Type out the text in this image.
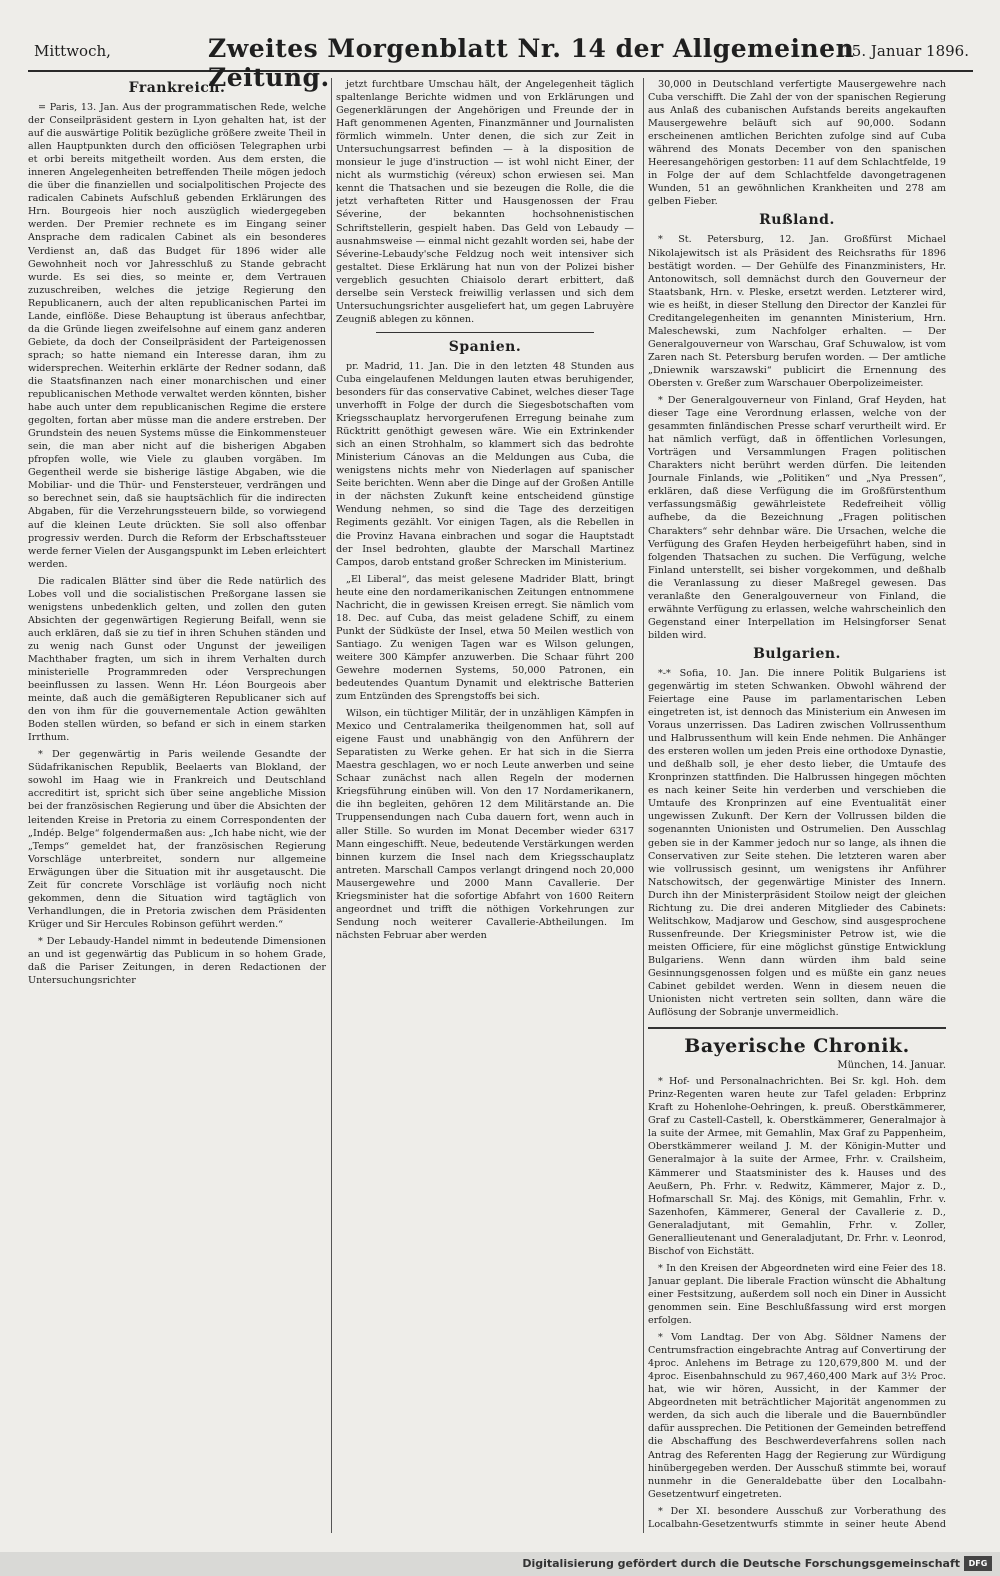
Mittwoch,	Zweites Morgenblatt Nr. 14 der Allgemeinen Zeitung.
15. Januar 1896.
Frankreich.

= Paris, 13. Jan. Aus der programmatischen Rede, welche der Conseilpräsident gestern in Lyon gehalten hat, ist der auf die auswärtige Politik bezügliche größere zweite Theil in allen Hauptpunkten durch den officiösen Telegraphen urbi et orbi bereits mitgetheilt worden. Aus dem ersten, die inneren Angelegenheiten betreffenden Theile mögen jedoch die über die finanziellen und socialpolitischen Projecte des radicalen Cabinets Aufschluß gebenden Erklärungen des Hrn. Bourgeois hier noch auszüglich wiedergegeben werden. Der Premier rechnete es im Eingang seiner Ansprache dem radicalen Cabinet als ein besonderes Verdienst an, daß das Budget für 1896 wider alle Gewohnheit noch vor Jahresschluß zu Stande gebracht wurde. Es sei dies, so meinte er, dem Vertrauen zuzuschreiben, welches die jetzige Regierung den Republicanern, auch der alten republicanischen Partei im Lande, einflöße. Diese Behauptung ist überaus anfechtbar, da die Gründe liegen zweifelsohne auf einem ganz anderen Gebiete, da doch der Conseilpräsident der Parteigenossen sprach; so hatte niemand ein Interesse daran, ihm zu widersprechen. Weiterhin erklärte der Redner sodann, daß die Staatsfinanzen nach einer monarchischen und einer republicanischen Methode verwaltet werden könnten, bisher habe auch unter dem republicanischen Regime die erstere gegolten, fortan aber müsse man die andere erstreben. Der Grundstein des neuen Systems müsse die Einkommensteuer sein, die man aber nicht auf die bisherigen Abgaben pfropfen wolle, wie Viele zu glauben vorgäben. Im Gegentheil werde sie bisherige lästige Abgaben, wie die Mobiliar- und die Thür- und Fenstersteuer, verdrängen und so berechnet sein, daß sie hauptsächlich für die indirecten Abgaben, für die Verzehrungssteuern bilde, so vorwiegend auf die kleinen Leute drückten. Sie soll also offenbar progressiv werden. Durch die Reform der Erbschaftssteuer werde ferner Vielen der Ausgangspunkt im Leben erleichtert werden.

Die radicalen Blätter sind über die Rede natürlich des Lobes voll und die socialistischen Preßorgane lassen sie wenigstens unbedenklich gelten, und zollen den guten Absichten der gegenwärtigen Regierung Beifall, wenn sie auch erklären, daß sie zu tief in ihren Schuhen ständen und zu wenig nach Gunst oder Ungunst der jeweiligen Machthaber fragten, um sich in ihrem Verhalten durch ministerielle Programmreden oder Versprechungen beeinflussen zu lassen. Wenn Hr. Léon Bourgeois aber meinte, daß auch die gemäßigteren Republicaner sich auf den von ihm für die gouvernementale Action gewählten Boden stellen würden, so befand er sich in einem starken Irrthum.

* Der gegenwärtig in Paris weilende Gesandte der Südafrikanischen Republik, Beelaerts van Blokland, der sowohl im Haag wie in Frankreich und Deutschland accreditirt ist, spricht sich über seine angebliche Mission bei der französischen Regierung und über die Absichten der leitenden Kreise in Pretoria zu einem Correspondenten der „Indép. Belge“ folgendermaßen aus: „Ich habe nicht, wie der „Temps“ gemeldet hat, der französischen Regierung Vorschläge unterbreitet, sondern nur allgemeine Erwägungen über die Situation mit ihr ausgetauscht. Die Zeit für concrete Vorschläge ist vorläufig noch nicht gekommen, denn die Situation wird tagtäglich von Verhandlungen, die in Pretoria zwischen dem Präsidenten Krüger und Sir Hercules Robinson geführt werden.“

* Der Lebaudy-Handel nimmt in bedeutende Dimensionen an und ist gegenwärtig das Publicum in so hohem Grade, daß die Pariser Zeitungen, in deren Redactionen der Untersuchungsrichter

jetzt furchtbare Umschau hält, der Angelegenheit täglich spaltenlange Berichte widmen und von Erklärungen und Gegenerklärungen der Angehörigen und Freunde der in Haft genommenen Agenten, Finanzmänner und Journalisten förmlich wimmeln. Unter denen, die sich zur Zeit in Untersuchungsarrest befinden — à la disposition de monsieur le juge d'instruction — ist wohl nicht Einer, der nicht als wurmstichig (véreux) schon erwiesen sei. Man kennt die Thatsachen und sie bezeugen die Rolle, die die jetzt verhafteten Ritter und Hausgenossen der Frau Séverine, der bekannten hochsohnenistischen Schriftstellerin, gespielt haben. Das Geld von Lebaudy — ausnahmsweise — einmal nicht gezahlt worden sei, habe der Séverine-Lebaudy'sche Feldzug noch weit intensiver sich gestaltet. Diese Erklärung hat nun von der Polizei bisher vergeblich gesuchten Chiaisolo derart erbittert, daß derselbe sein Versteck freiwillig verlassen und sich dem Untersuchungsrichter ausgeliefert hat, um gegen Labruyère Zeugniß ablegen zu können.

Spanien.

pr. Madrid, 11. Jan. Die in den letzten 48 Stunden aus Cuba eingelaufenen Meldungen lauten etwas beruhigender, besonders für das conservative Cabinet, welches dieser Tage unverhofft in Folge der durch die Siegesbotschaften vom Kriegsschauplatz hervorgerufenen Erregung beinahe zum Rücktritt genöthigt gewesen wäre. Wie ein Extrinkender sich an einen Strohhalm, so klammert sich das bedrohte Ministerium Cánovas an die Meldungen aus Cuba, die wenigstens nichts mehr von Niederlagen auf spanischer Seite berichten. Wenn aber die Dinge auf der Großen Antille in der nächsten Zukunft keine entscheidend günstige Wendung nehmen, so sind die Tage des derzeitigen Regiments gezählt. Vor einigen Tagen, als die Rebellen in die Provinz Havana einbrachen und sogar die Hauptstadt der Insel bedrohten, glaubte der Marschall Martinez Campos, darob entstand großer Schrecken im Ministerium.

„El Liberal“, das meist gelesene Madrider Blatt, bringt heute eine den nordamerikanischen Zeitungen entnommene Nachricht, die in gewissen Kreisen erregt. Sie nämlich vom 18. Dec. auf Cuba, das meist geladene Schiff, zu einem Punkt der Südküste der Insel, etwa 50 Meilen westlich von Santiago. Zu wenigen Tagen war es Wilson gelungen, weitere 300 Kämpfer anzuwerben. Die Schaar führt 200 Gewehre modernen Systems, 50,000 Patronen, ein bedeutendes Quantum Dynamit und elektrische Batterien zum Entzünden des Sprengstoffs bei sich.

Wilson, ein tüchtiger Militär, der in unzähligen Kämpfen in Mexico und Centralamerika theilgenommen hat, soll auf eigene Faust und unabhängig von den Anführern der Separatisten zu Werke gehen. Er hat sich in die Sierra Maestra geschlagen, wo er noch Leute anwerben und seine Schaar zunächst nach allen Regeln der modernen Kriegsführung einüben will. Von den 17 Nordamerikanern, die ihn begleiten, gehören 12 dem Militärstande an. Die Truppensendungen nach Cuba dauern fort, wenn auch in aller Stille. So wurden im Monat December wieder 6317 Mann eingeschifft. Neue, bedeutende Verstärkungen werden binnen kurzem die Insel nach dem Kriegsschauplatz antreten. Marschall Campos verlangt dringend noch 20,000 Mausergewehre und 2000 Mann Cavallerie. Der Kriegsminister hat die sofortige Abfahrt von 1600 Reitern angeordnet und trifft die nöthigen Vorkehrungen zur Sendung noch weiterer Cavallerie-Abtheilungen. Im nächsten Februar aber werden

30,000 in Deutschland verfertigte Mausergewehre nach Cuba verschifft. Die Zahl der von der spanischen Regierung aus Anlaß des cubanischen Aufstands bereits angekauften Mausergewehre beläuft sich auf 90,000. Sodann erscheinenen amtlichen Berichten zufolge sind auf Cuba während des Monats December von den spanischen Heeresangehörigen gestorben: 11 auf dem Schlachtfelde, 19 in Folge der auf dem Schlachtfelde davongetragenen Wunden, 51 an gewöhnlichen Krankheiten und 278 am gelben Fieber.

Rußland.

* St. Petersburg, 12. Jan. Großfürst Michael Nikolajewitsch ist als Präsident des Reichsraths für 1896 bestätigt worden. — Der Gehülfe des Finanzministers, Hr. Antonowitsch, soll demnächst durch den Gouverneur der Staatsbank, Hrn. v. Pleske, ersetzt werden. Letzterer wird, wie es heißt, in dieser Stellung den Director der Kanzlei für Creditangelegenheiten im genannten Ministerium, Hrn. Maleschewski, zum Nachfolger erhalten. — Der Generalgouverneur von Warschau, Graf Schuwalow, ist vom Zaren nach St. Petersburg berufen worden. — Der amtliche „Dniewnik warszawski“ publicirt die Ernennung des Obersten v. Greßer zum Warschauer Oberpolizeimeister.

* Der Generalgouverneur von Finland, Graf Heyden, hat dieser Tage eine Verordnung erlassen, welche von der gesammten finländischen Presse scharf verurtheilt wird. Er hat nämlich verfügt, daß in öffentlichen Vorlesungen, Vorträgen und Versammlungen Fragen politischen Charakters nicht berührt werden dürfen. Die leitenden Journale Finlands, wie „Politiken“ und „Nya Pressen“, erklären, daß diese Verfügung die im Großfürstenthum verfassungsmäßig gewährleistete Redefreiheit völlig aufhebe, da die Bezeichnung „Fragen politischen Charakters“ sehr dehnbar wäre. Die Ursachen, welche die Verfügung des Grafen Heyden herbeigeführt haben, sind in folgenden Thatsachen zu suchen. Die Verfügung, welche Finland unterstellt, sei bisher vorgekommen, und deßhalb die Veranlassung zu dieser Maßregel gewesen. Das veranlaßte den Generalgouverneur von Finland, die erwähnte Verfügung zu erlassen, welche wahrscheinlich den Gegenstand einer Interpellation im Helsingforser Senat bilden wird.

Bulgarien.

*-* Sofia, 10. Jan. Die innere Politik Bulgariens ist gegenwärtig im steten Schwanken. Obwohl während der Feiertage eine Pause im parlamentarischen Leben eingetreten ist, ist dennoch das Ministerium ein Anwesen im Voraus unzerrissen. Das Ladiren zwischen Vollrussenthum und Halbrussenthum will kein Ende nehmen. Die Anhänger des ersteren wollen um jeden Preis eine orthodoxe Dynastie, und deßhalb soll, je eher desto lieber, die Umtaufe des Kronprinzen stattfinden. Die Halbrussen hingegen möchten es nach keiner Seite hin verderben und verschieben die Umtaufe des Kronprinzen auf eine Eventualität einer ungewissen Zukunft. Der Kern der Vollrussen bilden die sogenannten Unionisten und Ostrumelien. Den Ausschlag geben sie in der Kammer jedoch nur so lange, als ihnen die Conservativen zur Seite stehen. Die letzteren waren aber wie vollrussisch gesinnt, um wenigstens ihr Anführer Natschowitsch, der gegenwärtige Minister des Innern. Durch ihn der Ministerpräsident Stoilow neigt der gleichen Richtung zu. Die drei anderen Mitglieder des Cabinets: Welitschkow, Madjarow und Geschow, sind ausgesprochene Russenfreunde. Der Kriegsminister Petrow ist, wie die meisten Officiere, für eine möglichst günstige Entwicklung Bulgariens. Wenn dann würden ihm bald seine Gesinnungsgenossen folgen und es müßte ein ganz neues Cabinet gebildet werden. Wenn in diesem neuen die Unionisten nicht vertreten sein sollten, dann wäre die Auflösung der Sobranje unvermeidlich.

Bayerische Chronik.
München, 14. Januar.

* Hof- und Personalnachrichten. Bei Sr. kgl. Hoh. dem Prinz-Regenten waren heute zur Tafel geladen: Erbprinz Kraft zu Hohenlohe-Oehringen, k. preuß. Oberstkämmerer, Graf zu Castell-Castell, k. Oberstkämmerer, Generalmajor à la suite der Armee, mit Gemahlin, Max Graf zu Pappenheim, Oberstkämmerer weiland J. M. der Königin-Mutter und Generalmajor à la suite der Armee, Frhr. v. Crailsheim, Kämmerer und Staatsminister des k. Hauses und des Aeußern, Ph. Frhr. v. Redwitz, Kämmerer, Major z. D., Hofmarschall Sr. Maj. des Königs, mit Gemahlin, Frhr. v. Sazenhofen, Kämmerer, General der Cavallerie z. D., Generaladjutant, mit Gemahlin, Frhr. v. Zoller, Generallieutenant und Generaladjutant, Dr. Frhr. v. Leonrod, Bischof von Eichstätt.

* In den Kreisen der Abgeordneten wird eine Feier des 18. Januar geplant. Die liberale Fraction wünscht die Abhaltung einer Festsitzung, außerdem soll noch ein Diner in Aussicht genommen sein. Eine Beschlußfassung wird erst morgen erfolgen.

* Vom Landtag. Der von Abg. Söldner Namens der Centrumsfraction eingebrachte Antrag auf Convertirung der 4proc. Anlehens im Betrage zu 120,679,800 M. und der 4proc. Eisenbahnschuld zu 967,460,400 Mark auf 3½ Proc. hat, wie wir hören, Aussicht, in der Kammer der Abgeordneten mit beträchtlicher Majorität angenommen zu werden, da sich auch die liberale und die Bauernbündler dafür aussprechen. Die Petitionen der Gemeinden betreffend die Abschaffung des Beschwerdeverfahrens sollen nach Antrag des Referenten Hagg der Regierung zur Würdigung hinübergegeben werden. Der Ausschuß stimmte bei, worauf nunmehr in die Generaldebatte über den Localbahn-Gesetzentwurf eingetreten.

* Der XI. besondere Ausschuß zur Vorberathung des Localbahn-Gesetzentwurfs stimmte in seiner heute Abend

Digitalisierung gefördert durch die Deutsche Forschungsgemeinschaft	DFG
